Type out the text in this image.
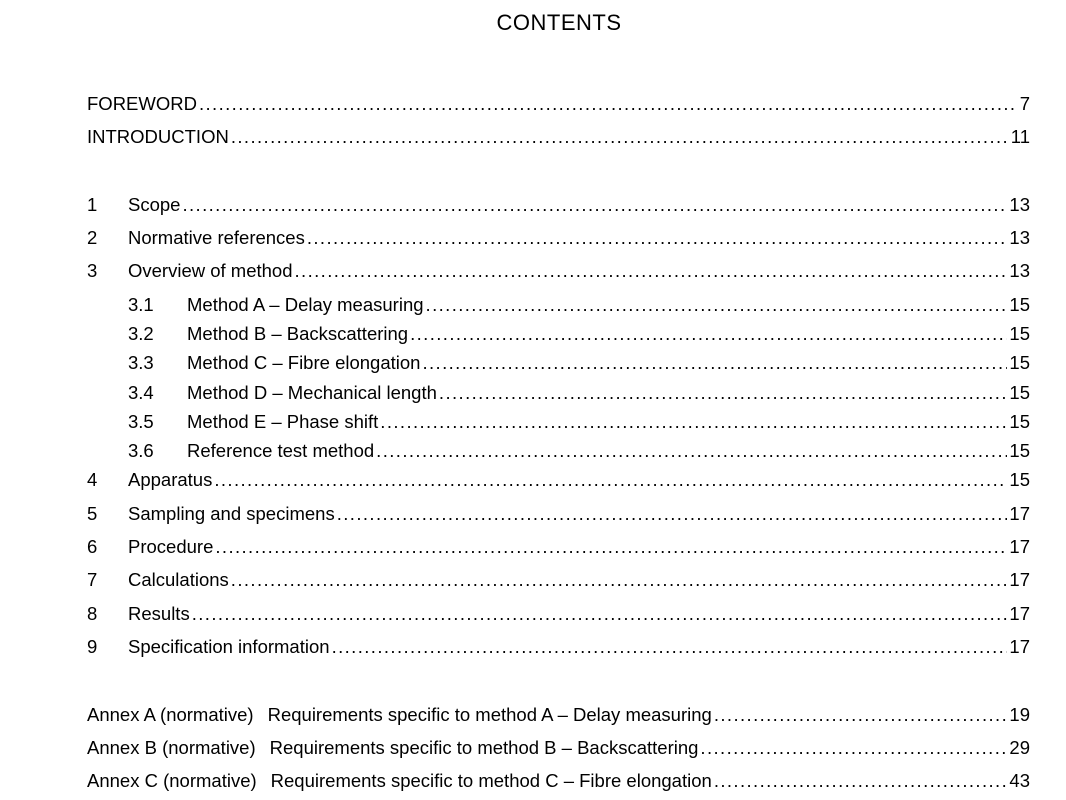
CONTENTS
FOREWORD .....	7
INTRODUCTION .....	11
1	Scope .....	13
2	Normative references .....	13
3	Overview of method .....	13
3.1	Method A – Delay measuring .....	15
3.2	Method B – Backscattering .....	15
3.3	Method C – Fibre elongation .....	15
3.4	Method D – Mechanical length .....	15
3.5	Method E – Phase shift .....	15
3.6	Reference test method .....	15
4	Apparatus .....	15
5	Sampling and specimens .....	17
6	Procedure .....	17
7	Calculations .....	17
8	Results .....	17
9	Specification information .....	17
Annex A (normative) Requirements specific to method A – Delay measuring .....	19
Annex B (normative) Requirements specific to method B – Backscattering .....	29
Annex C (normative) Requirements specific to method C – Fibre elongation .....	43
